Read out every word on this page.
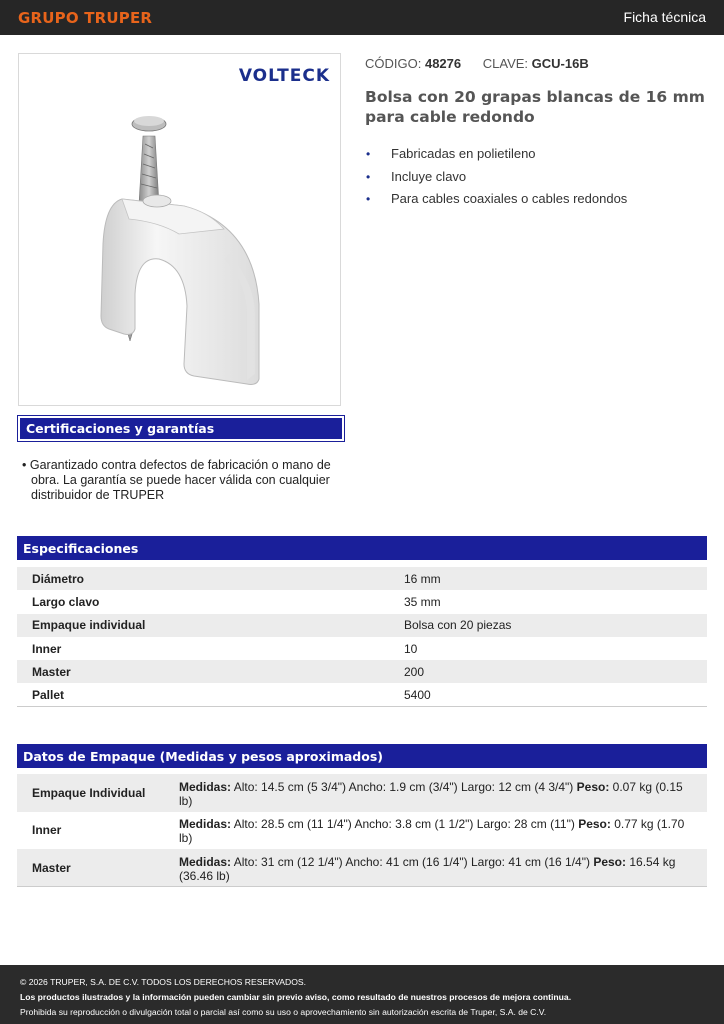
GRUPO TRUPER	Ficha técnica
VOLTECK
CÓDIGO: 48276 CLAVE: GCU-16B
Bolsa con 20 grapas blancas de 16 mm para cable redondo
• Fabricadas en polietileno
• Incluye clavo
• Para cables coaxiales o cables redondos
Certificaciones y garantías
• Garantizado contra defectos de fabricación o mano de obra. La garantía se puede hacer válida con cualquier distribuidor de TRUPER
Especificaciones
Diámetro	16 mm
Largo clavo	35 mm
Empaque individual	Bolsa con 20 piezas
Inner	10
Master	200
Pallet	5400
Datos de Empaque (Medidas y pesos aproximados)
Empaque Individual	Medidas: Alto: 14.5 cm (5 3/4") Ancho: 1.9 cm (3/4") Largo: 12 cm (4 3/4") Peso: 0.07 kg (0.15 lb)
Inner	Medidas: Alto: 28.5 cm (11 1/4") Ancho: 3.8 cm (1 1/2") Largo: 28 cm (11") Peso: 0.77 kg (1.70 lb)
Master	Medidas: Alto: 31 cm (12 1/4") Ancho: 41 cm (16 1/4") Largo: 41 cm (16 1/4") Peso: 16.54 kg (36.46 lb)
© 2026 TRUPER, S.A. DE C.V. TODOS LOS DERECHOS RESERVADOS.
Los productos ilustrados y la información pueden cambiar sin previo aviso, como resultado de nuestros procesos de mejora continua.
Prohibida su reproducción o divulgación total o parcial así como su uso o aprovechamiento sin autorización escrita de Truper, S.A. de C.V.
